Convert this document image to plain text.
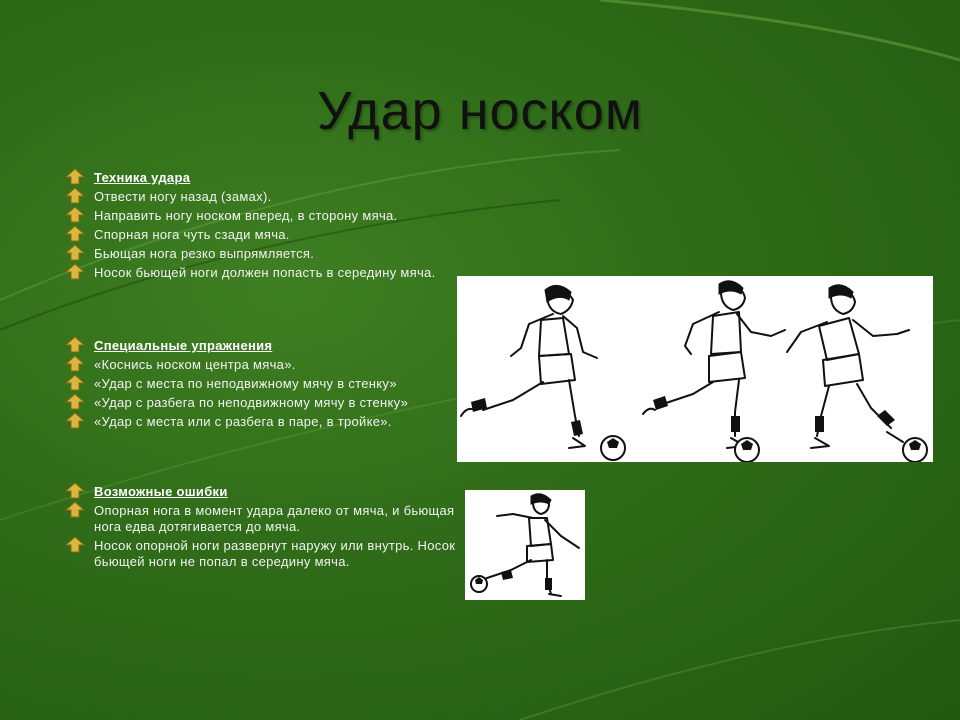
Удар носком
Техника удара
Отвести ногу назад (замах).
Направить ногу носком вперед, в сторону мяча.
Спорная нога чуть сзади мяча.
Бьющая нога резко выпрямляется.
Носок бьющей ноги должен попасть в середину мяча.
Специальные упражнения
«Коснись носком центра мяча».
«Удар с места по неподвижному мячу в стенку»
«Удар с разбега по неподвижному мячу в стенку»
«Удар с места или с разбега в паре, в тройке».
Возможные ошибки
Опорная нога в момент удара далеко от мяча, и бьющая нога едва дотягивается до мяча.
Носок опорной ноги развернут наружу или внутрь. Носок бьющей ноги не попал в середину мяча.
